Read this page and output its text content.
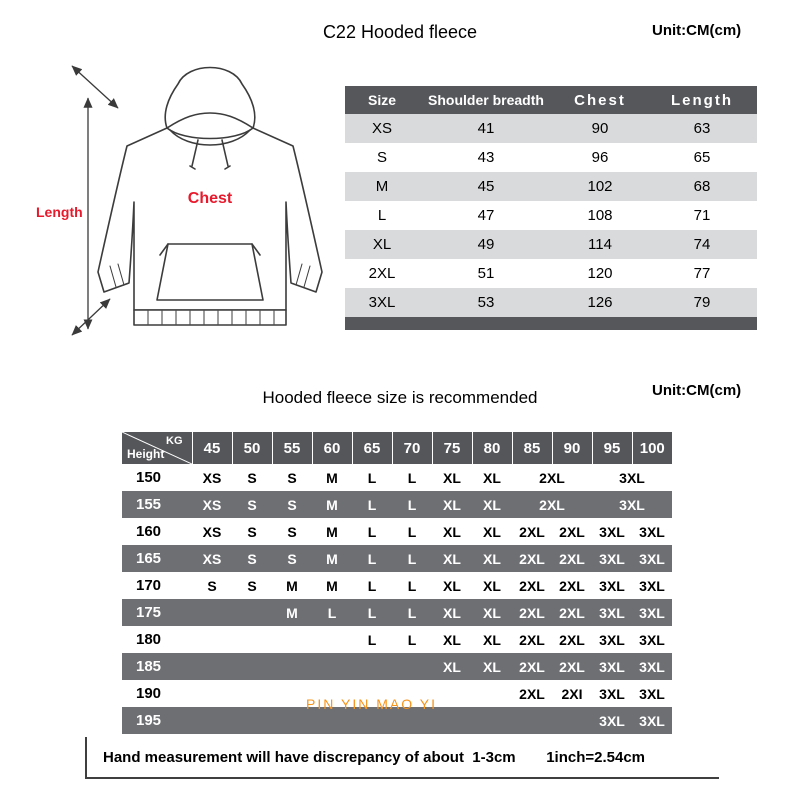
C22 Hooded fleece	Unit:CM(cm)
Chest
Length
Size	Shoulder breadth	Chest	Length
XS	41	90	63
S	43	96	65
M	45	102	68
L	47	108	71
XL	49	114	74
2XL	51	120	77
3XL	53	126	79
Hooded fleece size is recommended	Unit:CM(cm)
KG
Height	45	50	55	60	65	70	75	80	85	90	95	100
150	XS	S	S	M	L	L	XL	XL	2XL		3XL	
155	XS	S	S	M	L	L	XL	XL	2XL		3XL	
160	XS	S	S	M	L	L	XL	XL	2XL	2XL	3XL	3XL
165	XS	S	S	M	L	L	XL	XL	2XL	2XL	3XL	3XL
170	S	S	M	M	L	L	XL	XL	2XL	2XL	3XL	3XL
175			M	L	L	L	XL	XL	2XL	2XL	3XL	3XL
180					L	L	XL	XL	2XL	2XL	3XL	3XL
185							XL	XL	2XL	2XL	3XL	3XL
190									2XL	2XI	3XL	3XL
195											3XL	3XL
PIN YIN MAO YI
Hand measurement will have discrepancy of about  1-3cm 1inch=2.54cm
